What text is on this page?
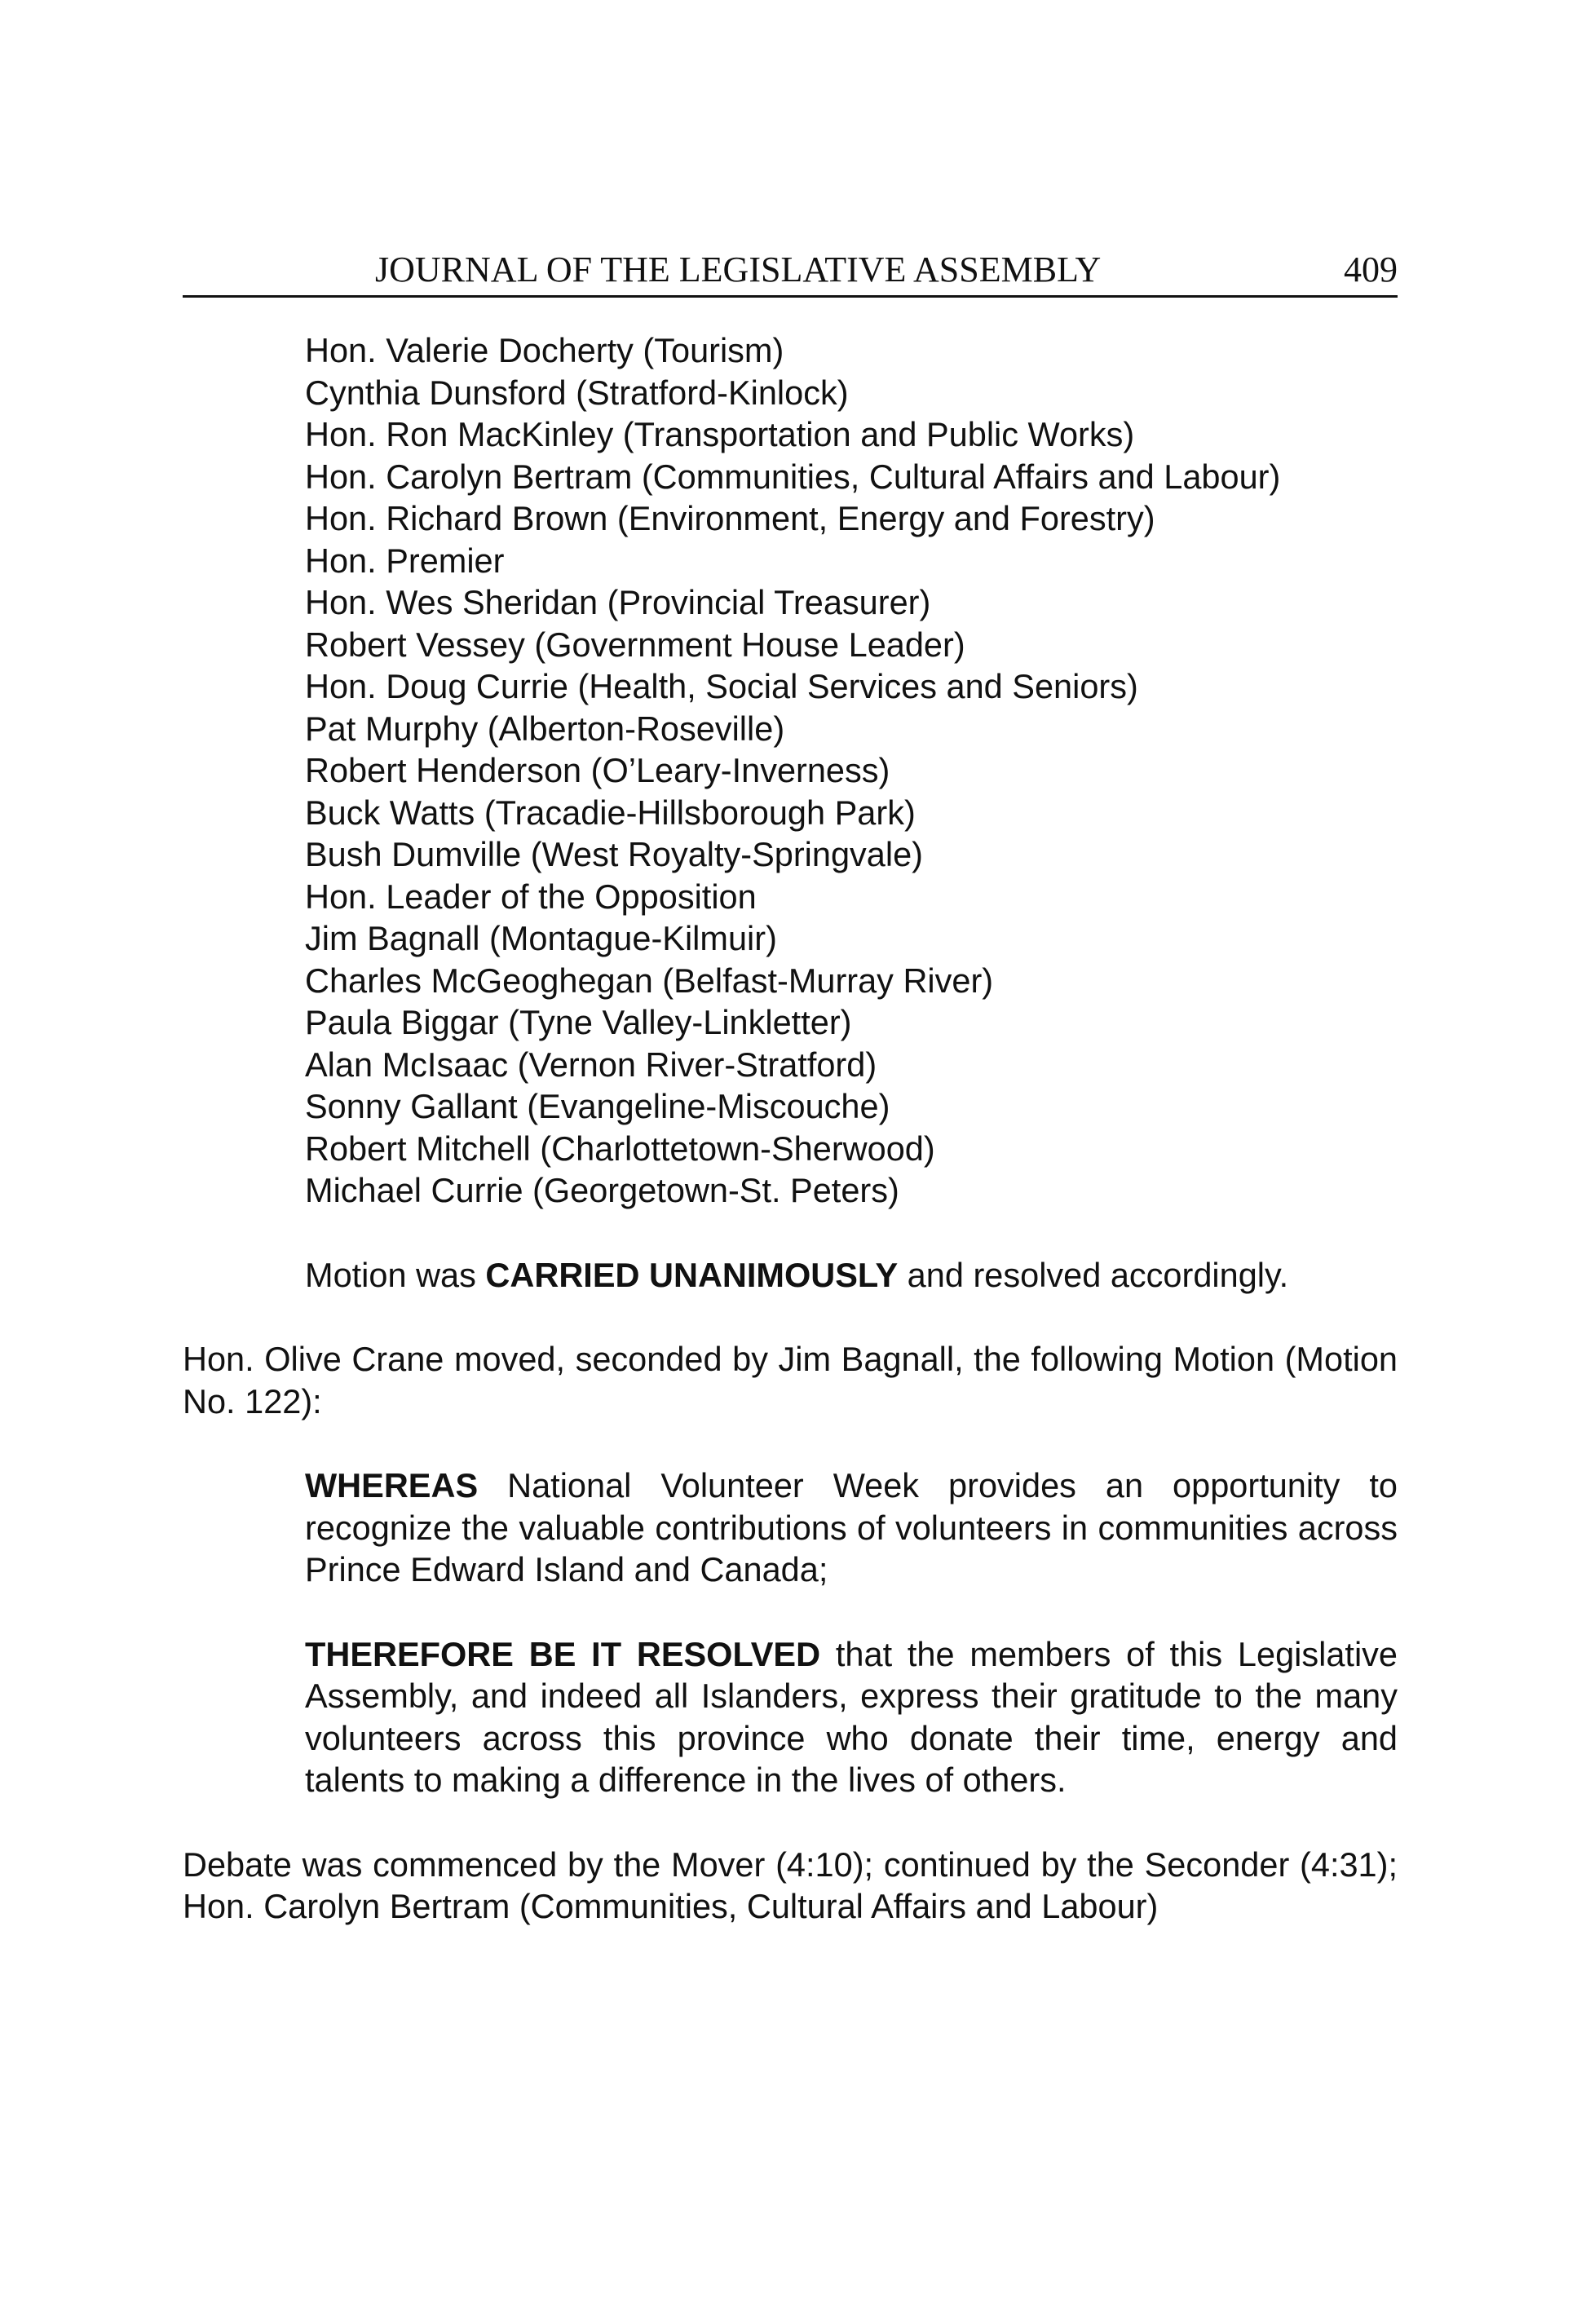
JOURNAL OF THE LEGISLATIVE ASSEMBLY	409
Hon. Valerie Docherty (Tourism)
Cynthia Dunsford (Stratford-Kinlock)
Hon. Ron MacKinley (Transportation and Public Works)
Hon. Carolyn Bertram (Communities, Cultural Affairs and Labour)
Hon. Richard Brown (Environment, Energy and Forestry)
Hon. Premier
Hon. Wes Sheridan (Provincial Treasurer)
Robert Vessey (Government House Leader)
Hon. Doug Currie (Health, Social Services and Seniors)
Pat Murphy (Alberton-Roseville)
Robert Henderson (O’Leary-Inverness)
Buck Watts (Tracadie-Hillsborough Park)
Bush Dumville (West Royalty-Springvale)
Hon. Leader of the Opposition
Jim Bagnall (Montague-Kilmuir)
Charles McGeoghegan (Belfast-Murray River)
Paula Biggar (Tyne Valley-Linkletter)
Alan McIsaac (Vernon River-Stratford)
Sonny Gallant (Evangeline-Miscouche)
Robert Mitchell (Charlottetown-Sherwood)
Michael Currie (Georgetown-St. Peters)

Motion was CARRIED UNANIMOUSLY and resolved accordingly.

Hon. Olive Crane moved, seconded by Jim Bagnall, the following Motion (Motion No. 122):

WHEREAS National Volunteer Week provides an opportunity to recognize the valuable contributions of volunteers in communities across Prince Edward Island and Canada;

THEREFORE BE IT RESOLVED that the members of this Legislative Assembly, and indeed all Islanders, express their gratitude to the many volunteers across this province who donate their time, energy and talents to making a difference in the lives of others.

Debate was commenced by the Mover (4:10); continued by the Seconder (4:31); Hon. Carolyn Bertram (Communities, Cultural Affairs and Labour)
